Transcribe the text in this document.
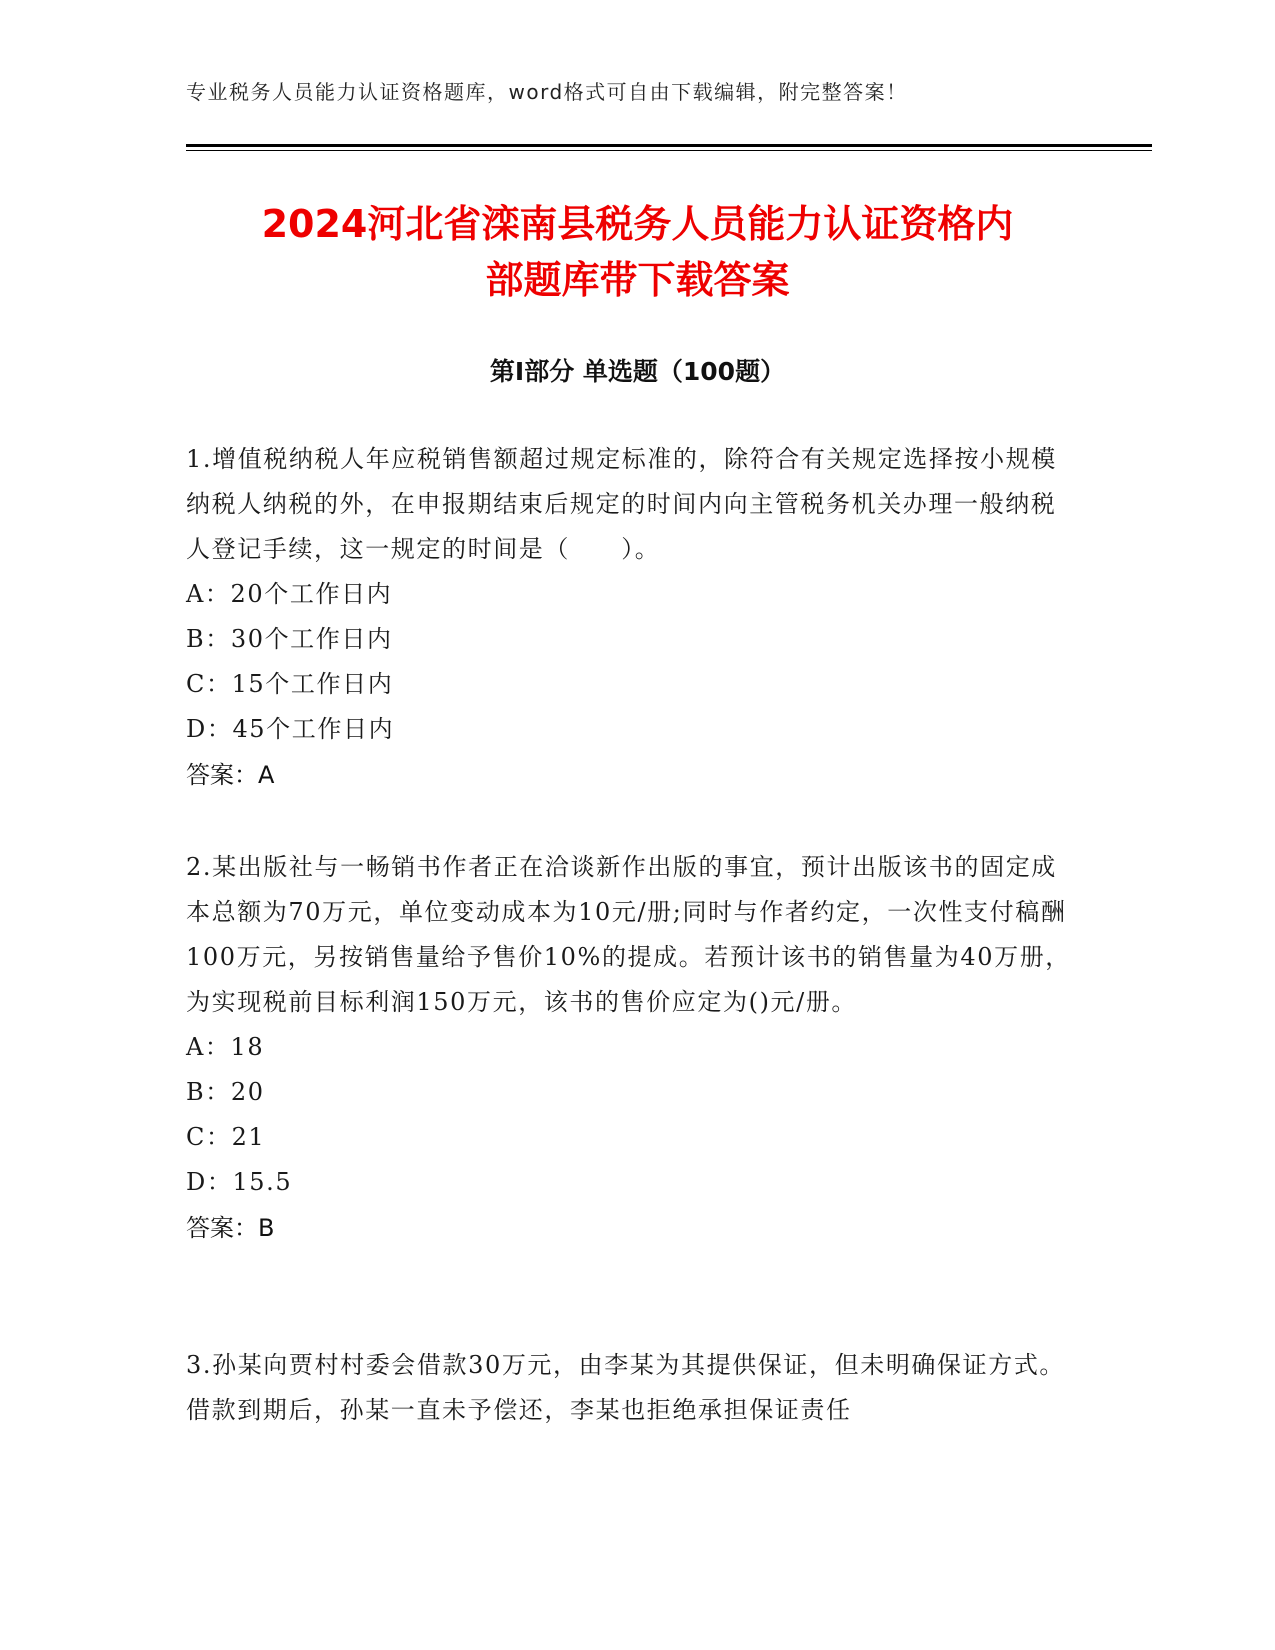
专业税务人员能力认证资格题库，word格式可自由下载编辑，附完整答案！
2024河北省滦南县税务人员能力认证资格内
部题库带下载答案
第Ⅰ部分 单选题（100题）

1.增值税纳税人年应税销售额超过规定标准的，除符合有关规定选择按小规模纳税人纳税的外，在申报期结束后规定的时间内向主管税务机关办理一般纳税人登记手续，这一规定的时间是（　　）。

A：20个工作日内
B：30个工作日内
C：15个工作日内
D：45个工作日内

答案：A

2.某出版社与一畅销书作者正在洽谈新作出版的事宜，预计出版该书的固定成本总额为70万元，单位变动成本为10元/册;同时与作者约定，一次性支付稿酬100万元，另按销售量给予售价10%的提成。若预计该书的销售量为40万册，为实现税前目标利润150万元，该书的售价应定为()元/册。

A：18
B：20
C：21
D：15.5

答案：B

3.孙某向贾村村委会借款30万元，由李某为其提供保证，但未明确保证方式。借款到期后，孙某一直未予偿还，李某也拒绝承担保证责任
